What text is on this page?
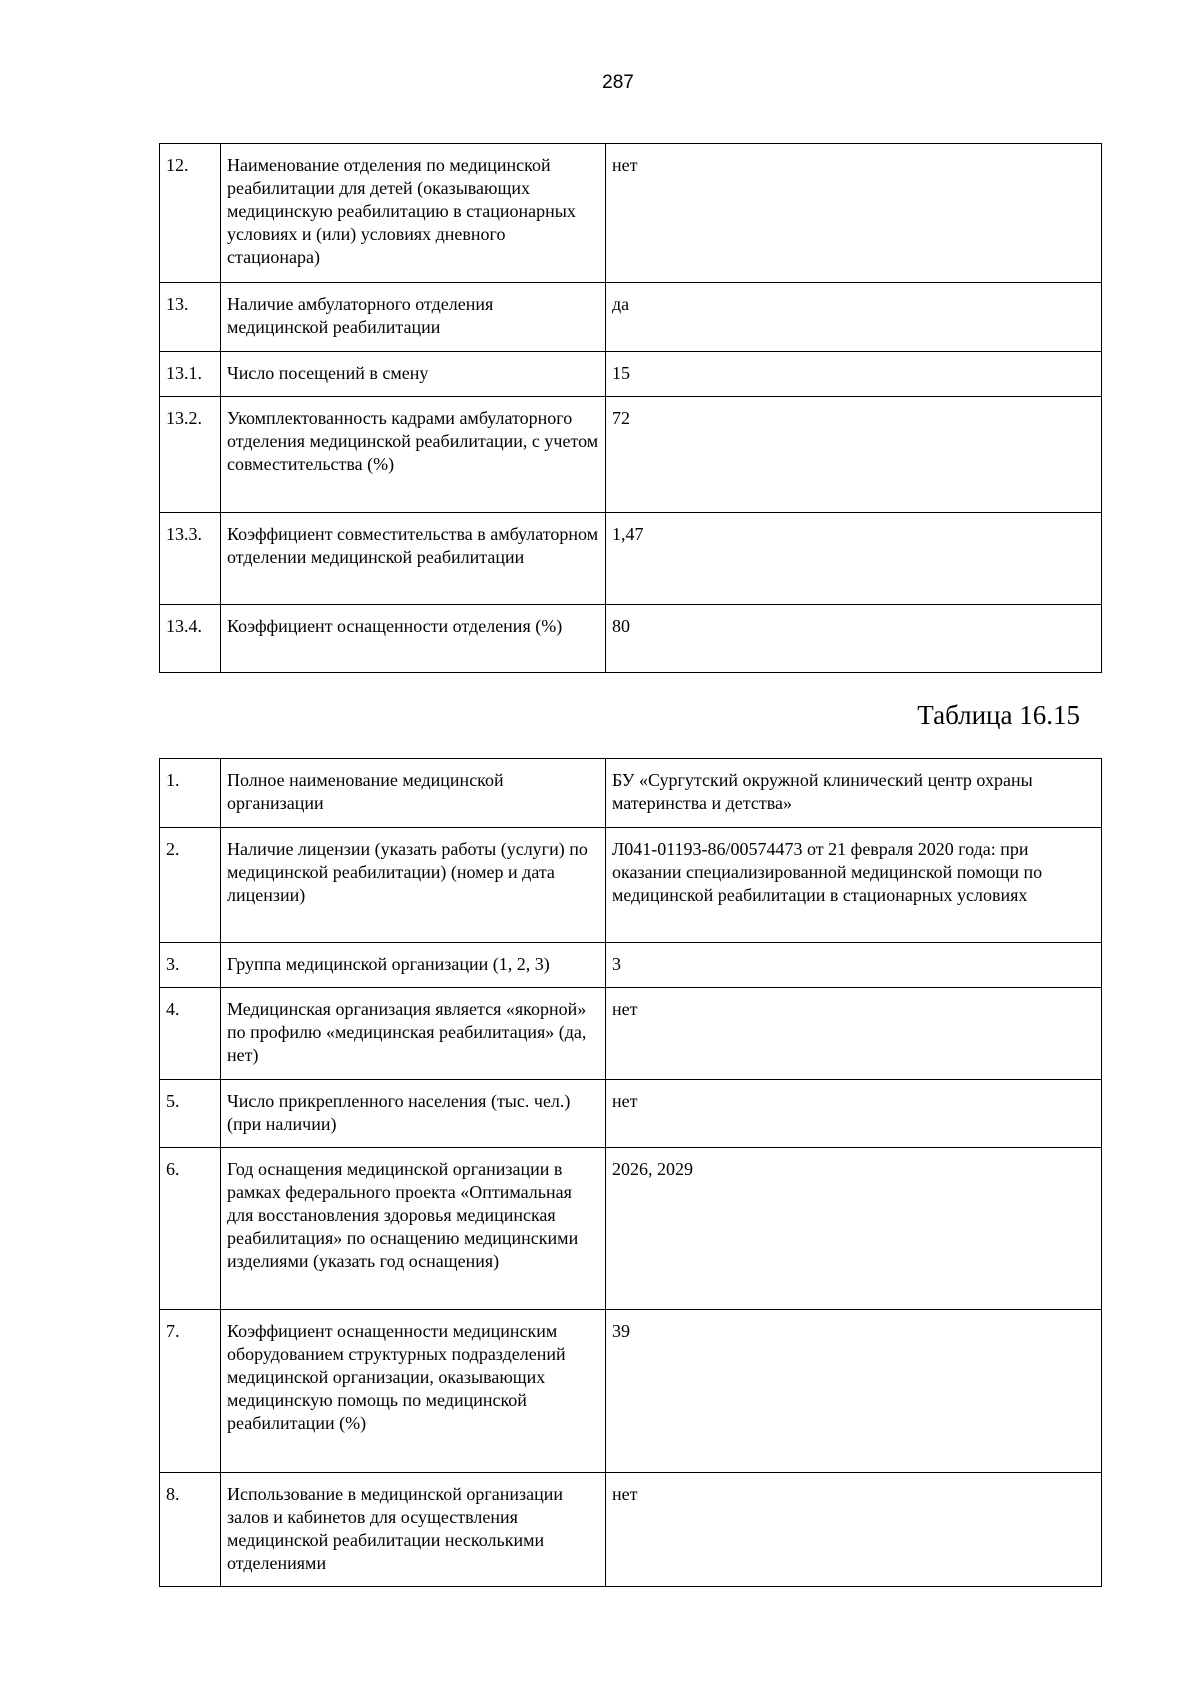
287
12.	Наименование отделения по медицинской реабилитации для детей (оказывающих медицинскую реабилитацию в стационарных условиях и (или) условиях дневного стационара)	нет
13.	Наличие амбулаторного отделения медицинской реабилитации	да
13.1.	Число посещений в смену	15
13.2.	Укомплектованность кадрами амбулаторного отделения медицинской реабилитации, с учетом совместительства (%)	72
13.3.	Коэффициент совместительства в амбулаторном отделении медицинской реабилитации	1,47
13.4.	Коэффициент оснащенности отделения (%)	80
Таблица 16.15
1.	Полное наименование медицинской организации	БУ «Сургутский окружной клинический центр охраны материнства и детства»
2.	Наличие лицензии (указать работы (услуги) по медицинской реабилитации) (номер и дата лицензии)	Л041-01193-86/00574473 от 21 февраля 2020 года: при оказании специализированной медицинской помощи по медицинской реабилитации в стационарных условиях
3.	Группа медицинской организации (1, 2, 3)	3
4.	Медицинская организация является «якорной» по профилю «медицинская реабилитация» (да, нет)	нет
5.	Число прикрепленного населения (тыс. чел.) (при наличии)	нет
6.	Год оснащения медицинской организации в рамках федерального проекта «Оптимальная для восстановления здоровья медицинская реабилитация» по оснащению медицинскими изделиями (указать год оснащения)	2026, 2029
7.	Коэффициент оснащенности медицинским оборудованием структурных подразделений медицинской организации, оказывающих медицинскую помощь по медицинской реабилитации (%)	39
8.	Использование в медицинской организации залов и кабинетов для осуществления медицинской реабилитации несколькими отделениями	нет
